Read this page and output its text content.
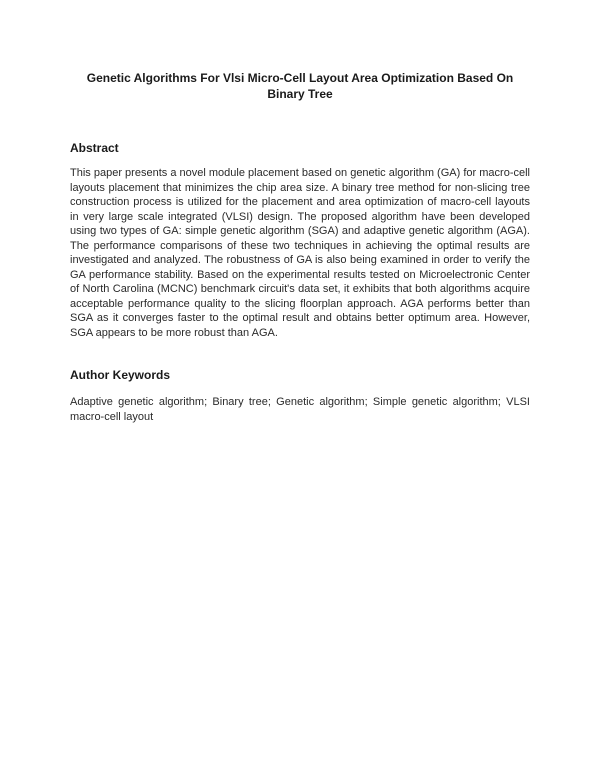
Genetic Algorithms For Vlsi Micro-Cell Layout Area Optimization Based On Binary Tree
Abstract
This paper presents a novel module placement based on genetic algorithm (GA) for macro-cell layouts placement that minimizes the chip area size. A binary tree method for non-slicing tree construction process is utilized for the placement and area optimization of macro-cell layouts in very large scale integrated (VLSI) design. The proposed algorithm have been developed using two types of GA: simple genetic algorithm (SGA) and adaptive genetic algorithm (AGA). The performance comparisons of these two techniques in achieving the optimal results are investigated and analyzed. The robustness of GA is also being examined in order to verify the GA performance stability. Based on the experimental results tested on Microelectronic Center of North Carolina (MCNC) benchmark circuit's data set, it exhibits that both algorithms acquire acceptable performance quality to the slicing floorplan approach. AGA performs better than SGA as it converges faster to the optimal result and obtains better optimum area. However, SGA appears to be more robust than AGA.
Author Keywords
Adaptive genetic algorithm; Binary tree; Genetic algorithm; Simple genetic algorithm; VLSI macro-cell layout
